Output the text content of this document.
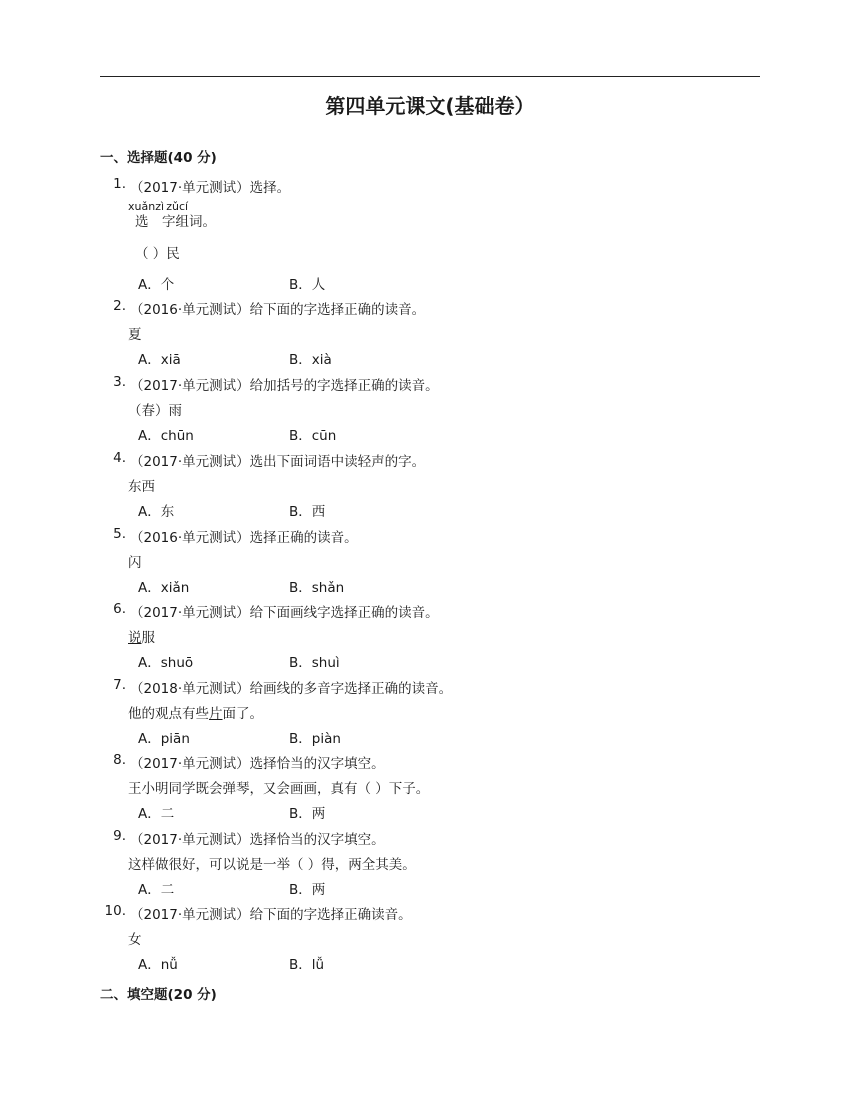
第四单元课文(基础卷）
一、选择题(40 分)
1. （2017·单元测试）选择。
xuǎnzì  zǔcí
选  字组词。
（ ）民
A．个	B．人
2. （2016·单元测试）给下面的字选择正确的读音。
夏
A．xiā	B．xià
3. （2017·单元测试）给加括号的字选择正确的读音。
（春）雨
A．chūn	B．cūn
4. （2017·单元测试）选出下面词语中读轻声的字。
东西
A．东	B．西
5. （2016·单元测试）选择正确的读音。
闪
A．xiǎn	B．shǎn
6. （2017·单元测试）给下面画线字选择正确的读音。
说服
A．shuō	B．shuì
7. （2018·单元测试）给画线的多音字选择正确的读音。
他的观点有些片面了。
A．piān	B．piàn
8. （2017·单元测试）选择恰当的汉字填空。
王小明同学既会弹琴，又会画画，真有（ ）下子。
A．二	B．两
9. （2017·单元测试）选择恰当的汉字填空。
这样做很好，可以说是一举（ ）得，两全其美。
A．二	B．两
10. （2017·单元测试）给下面的字选择正确读音。
女
A．nǚ	B．lǚ
二、填空题(20 分)
